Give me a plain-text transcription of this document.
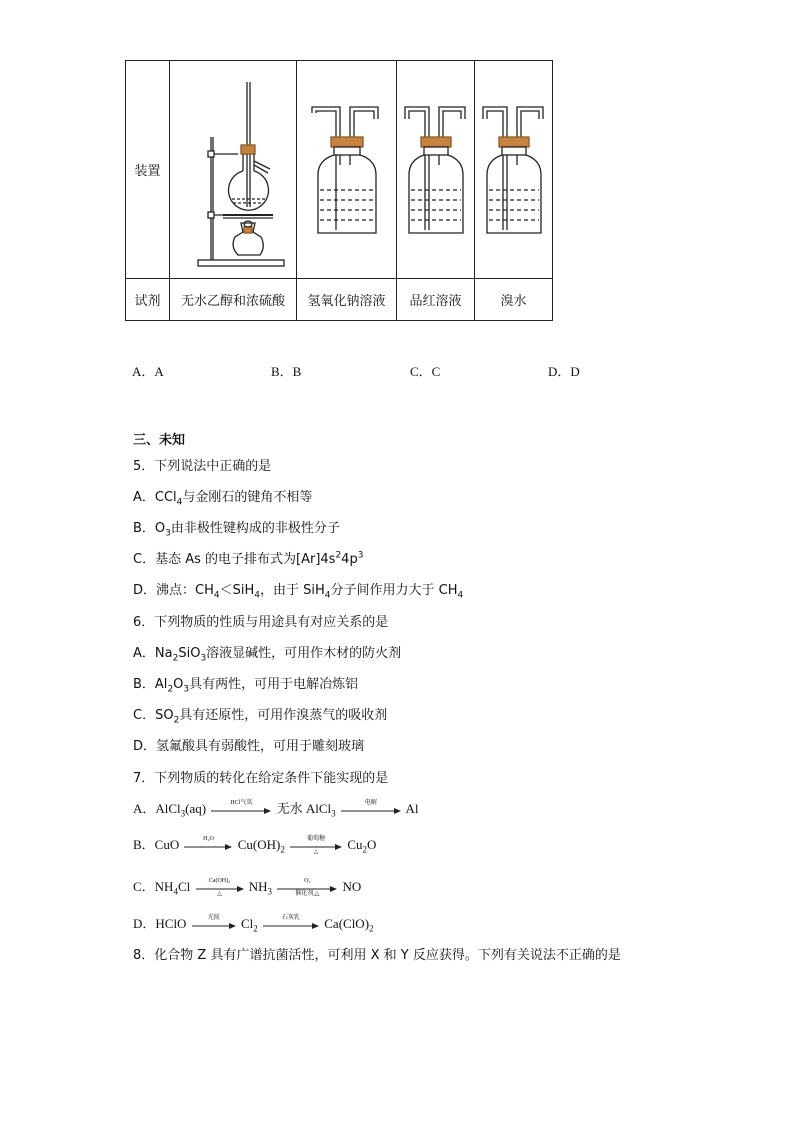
装置	

试剂	无水乙醇和浓硫酸	氢氧化钠溶液	品红溶液	溴水
A．A	B．B	C．C	D．D
三、未知
5．下列说法中正确的是
A．CCl$_4$与金刚石的键角不相等
B．$O_3$由非极性键构成的非极性分子
C．基态 As 的电子排布式为$[Ar]4s^24p^3$
D．沸点：$CH_4<SiH_4$，由于 SiH$_4$分子间作用力大于 $CH_4$
6．下列物质的性质与用途具有对应关系的是
A．$Na_2SiO_3$溶液显碱性，可用作木材的防火剂
B．$Al_2O_3$具有两性，可用于电解冶炼铝
C．$SO_2$具有还原性，可用作溴蒸气的吸收剂
D．氢氟酸具有弱酸性，可用于雕刻玻璃
7．下列物质的转化在给定条件下能实现的是
A．AlCl$_3$(aq)	HCl气氛	无水 AlCl$_3$
电解	Al
B．CuO	H₂O	$Cu(OH)_2$
葡萄糖
△
$Cu_2O$
C．$NH_4Cl$	Ca(OH)₂
△
$NH_3$
O₂
催化剂,△
NO
D．HClO	光照	$Cl_2$
石灰乳	$Ca(ClO)_2$
8．化合物 Z 具有广谱抗菌活性，可利用 X 和 Y 反应获得。下列有关说法不正确的是
